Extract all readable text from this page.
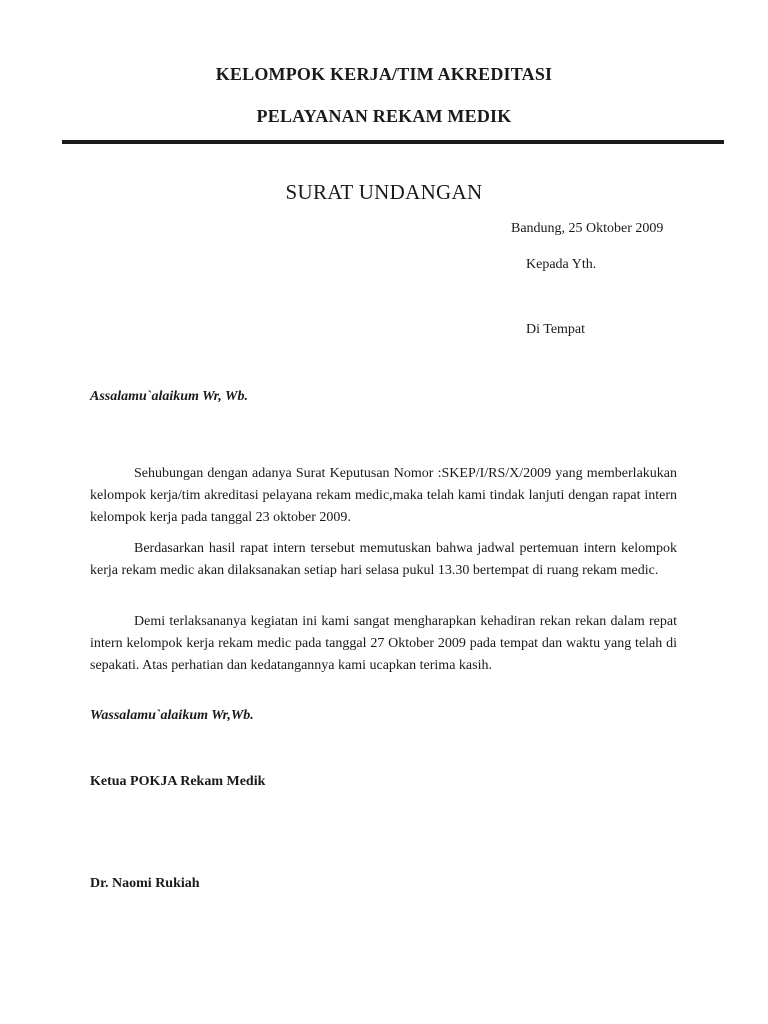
KELOMPOK KERJA/TIM AKREDITASI
PELAYANAN REKAM MEDIK
SURAT UNDANGAN
Bandung, 25 Oktober 2009
Kepada Yth.
Di Tempat
Assalamu`alaikum Wr, Wb.

Sehubungan dengan adanya Surat Keputusan Nomor :SKEP/I/RS/X/2009 yang memberlakukan kelompok kerja/tim akreditasi pelayana rekam medic,maka telah kami tindak lanjuti dengan rapat intern kelompok kerja pada tanggal 23 oktober 2009.

Berdasarkan hasil rapat intern tersebut memutuskan bahwa jadwal pertemuan intern kelompok kerja rekam medic akan dilaksanakan setiap hari selasa pukul 13.30 bertempat di ruang rekam medic.

Demi terlaksananya kegiatan ini kami sangat mengharapkan kehadiran rekan rekan dalam repat intern kelompok kerja rekam medic pada tanggal 27 Oktober 2009 pada tempat dan waktu yang telah di sepakati. Atas perhatian dan kedatangannya kami ucapkan terima kasih.

Wassalamu`alaikum Wr,Wb.
Ketua POKJA Rekam Medik
Dr. Naomi Rukiah
